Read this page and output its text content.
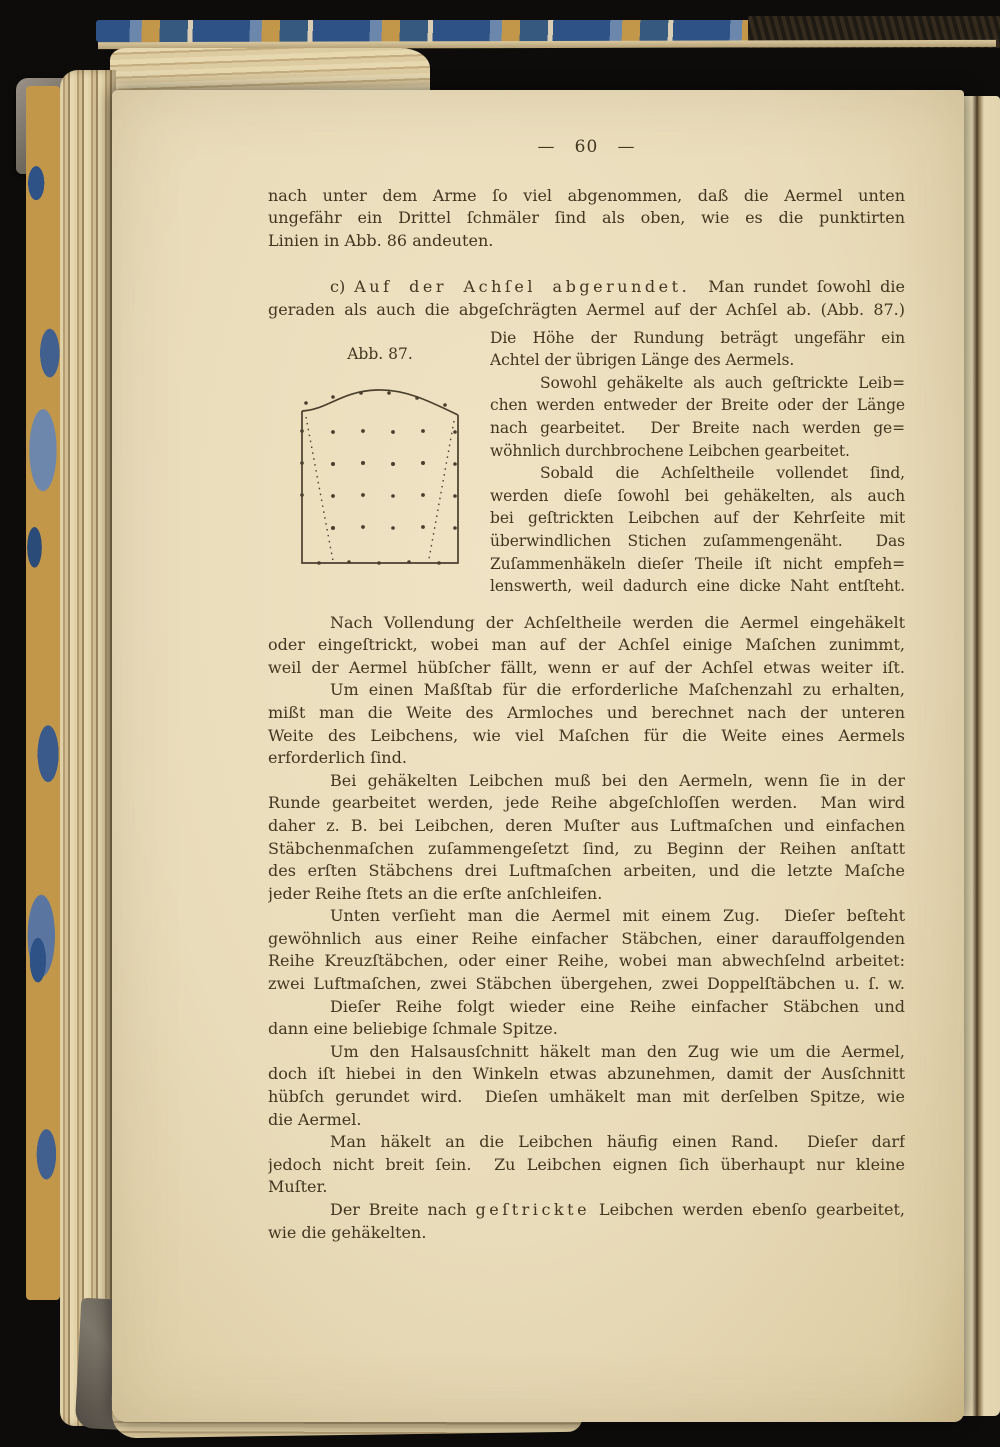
—   60   —
nach unter dem Arme ſo viel abgenommen, daß die Aermel unten
ungefähr ein Drittel ſchmäler ſind als oben, wie es die punktirten
Linien in Abb. 86 andeuten.
c) Auf der Achſel abgerundet.  Man rundet ſowohl die
geraden als auch die abgeſchrägten Aermel auf der Achſel ab. (Abb. 87.)
Abb. 87.
Die Höhe der Rundung beträgt ungefähr ein
Achtel der übrigen Länge des Aermels.
Sowohl gehäkelte als auch geſtrickte Leib=
chen werden entweder der Breite oder der Länge
nach gearbeitet.  Der Breite nach werden ge=
wöhnlich durchbrochene Leibchen gearbeitet.
Sobald die Achſeltheile vollendet ſind,
werden dieſe ſowohl bei gehäkelten, als auch
bei geſtrickten Leibchen auf der Kehrſeite mit
überwindlichen Stichen zuſammengenäht.  Das
Zuſammenhäkeln dieſer Theile iſt nicht empfeh=
lenswerth, weil dadurch eine dicke Naht entſteht.
Nach Vollendung der Achſeltheile werden die Aermel eingehäkelt
oder eingeſtrickt, wobei man auf der Achſel einige Maſchen zunimmt,
weil der Aermel hübſcher fällt, wenn er auf der Achſel etwas weiter iſt.
Um einen Maßſtab für die erforderliche Maſchenzahl zu erhalten,
mißt man die Weite des Armloches und berechnet nach der unteren
Weite des Leibchens, wie viel Maſchen für die Weite eines Aermels
erforderlich ſind.
Bei gehäkelten Leibchen muß bei den Aermeln, wenn ſie in der
Runde gearbeitet werden, jede Reihe abgeſchloſſen werden.  Man wird
daher z. B. bei Leibchen, deren Muſter aus Luftmaſchen und einfachen
Stäbchenmaſchen zuſammengeſetzt ſind, zu Beginn der Reihen anſtatt
des erſten Stäbchens drei Luftmaſchen arbeiten, und die letzte Maſche
jeder Reihe ſtets an die erſte anſchleifen.
Unten verſieht man die Aermel mit einem Zug.  Dieſer beſteht
gewöhnlich aus einer Reihe einfacher Stäbchen, einer darauffolgenden
Reihe Kreuzſtäbchen, oder einer Reihe, wobei man abwechſelnd arbeitet:
zwei Luftmaſchen, zwei Stäbchen übergehen, zwei Doppelſtäbchen u. ſ. w.
Dieſer Reihe folgt wieder eine Reihe einfacher Stäbchen und
dann eine beliebige ſchmale Spitze.
Um den Halsausſchnitt häkelt man den Zug wie um die Aermel,
doch iſt hiebei in den Winkeln etwas abzunehmen, damit der Ausſchnitt
hübſch gerundet wird.  Dieſen umhäkelt man mit derſelben Spitze, wie
die Aermel.
Man häkelt an die Leibchen häufig einen Rand.  Dieſer darf
jedoch nicht breit ſein.  Zu Leibchen eignen ſich überhaupt nur kleine
Muſter.
Der Breite nach geſtrickte Leibchen werden ebenſo gearbeitet,
wie die gehäkelten.
